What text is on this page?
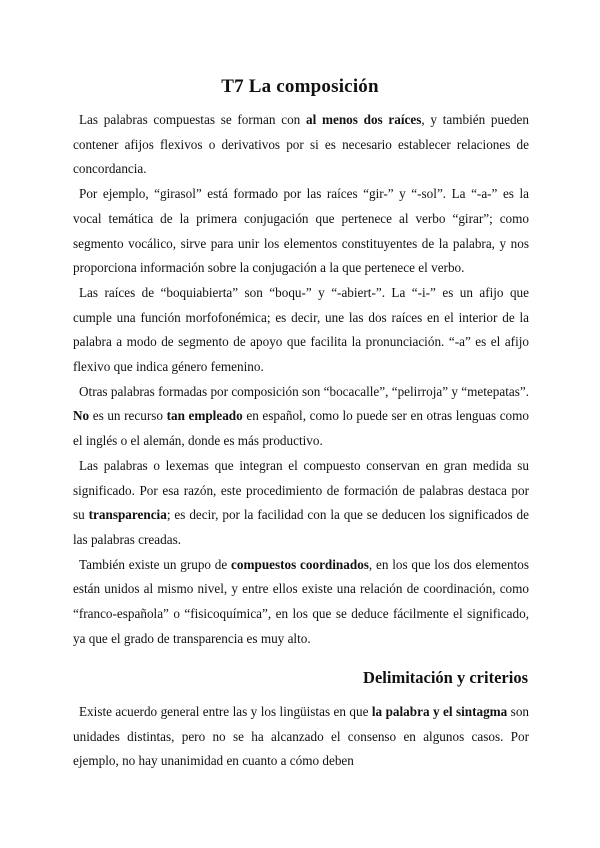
T7 La composición

Las palabras compuestas se forman con al menos dos raíces, y también pueden contener afijos flexivos o derivativos por si es necesario establecer relaciones de concordancia.

Por ejemplo, “girasol” está formado por las raíces “gir-” y “-sol”. La “-a-” es la vocal temática de la primera conjugación que pertenece al verbo “girar”; como segmento vocálico, sirve para unir los elementos constituyentes de la palabra, y nos proporciona información sobre la conjugación a la que pertenece el verbo.

Las raíces de “boquiabierta” son “boqu-” y “-abiert-”. La “-i-” es un afijo que cumple una función morfofonémica; es decir, une las dos raíces en el interior de la palabra a modo de segmento de apoyo que facilita la pronunciación. “-a” es el afijo flexivo que indica género femenino.

Otras palabras formadas por composición son “bocacalle”, “pelirroja” y “metepatas”. No es un recurso tan empleado en español, como lo puede ser en otras lenguas como el inglés o el alemán, donde es más productivo.

Las palabras o lexemas que integran el compuesto conservan en gran medida su significado. Por esa razón, este procedimiento de formación de palabras destaca por su transparencia; es decir, por la facilidad con la que se deducen los significados de las palabras creadas.

También existe un grupo de compuestos coordinados, en los que los dos elementos están unidos al mismo nivel, y entre ellos existe una relación de coordinación, como “franco-española” o “fisicoquímica”, en los que se deduce fácilmente el significado, ya que el grado de transparencia es muy alto.

Delimitación y criterios

Existe acuerdo general entre las y los lingüistas en que la palabra y el sintagma son unidades distintas, pero no se ha alcanzado el consenso en algunos casos. Por ejemplo, no hay unanimidad en cuanto a cómo deben
